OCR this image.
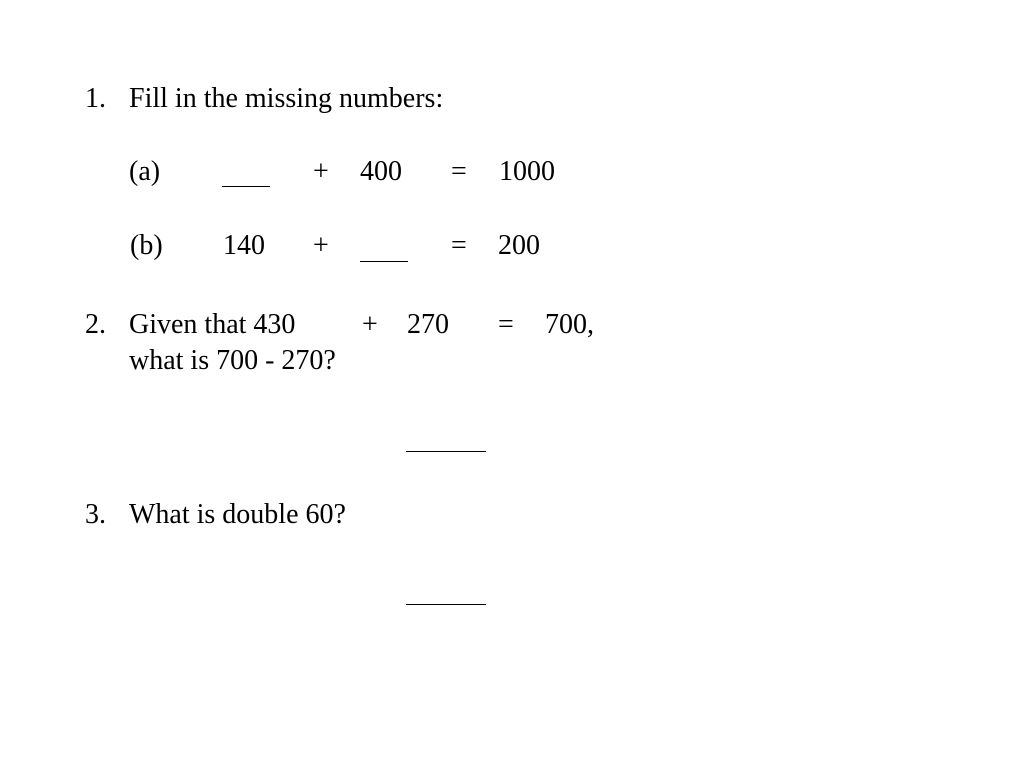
1. Fill in the missing numbers:
(a)	+ 400 = 1000
(b) 140 +	= 200
2. Given that 430 + 270 = 700,
what is 700 - 270?
3. What is double 60?
